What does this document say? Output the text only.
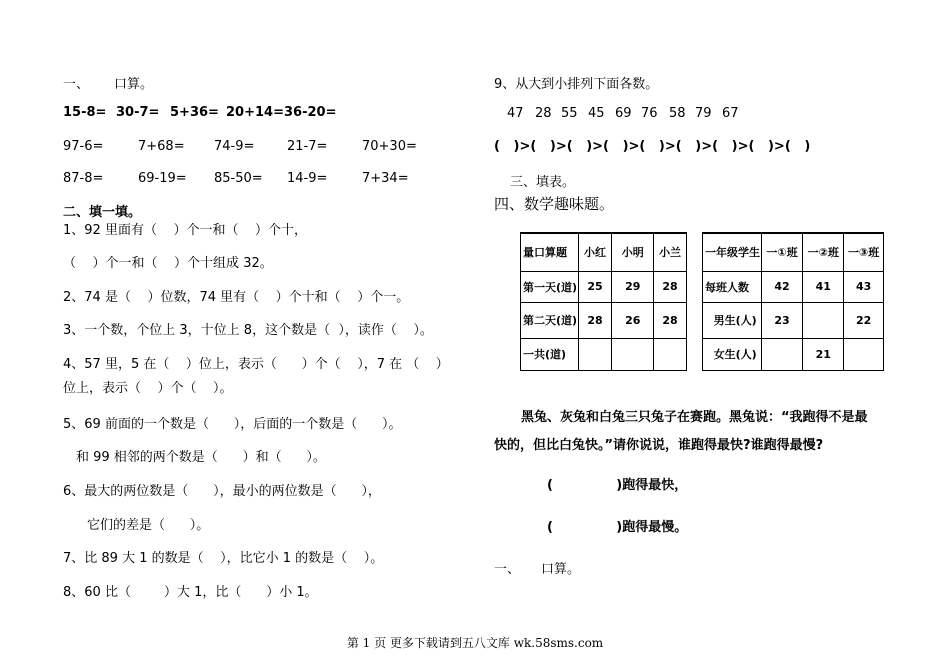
一、 口算。
15-8= 30-7= 5+36= 20+14= 36-20=
97-6=	7+68= 74-9=	21-7=	70+30=
87-8=	69-19= 85-50= 14-9=	7+34=
二、填一填。
1、92 里面有（    ）个一和（    ）个十，
（    ）个一和（    ）个十组成 32。
2、74 是（    ）位数，74 里有（    ）个十和（    ）个一。
3、一个数，个位上 3，十位上 8，这个数是（  ），读作（    ）。
4、57 里，5 在（    ）位上，表示（      ）个（    ），7 在 （    ）
位上，表示（    ）个（    ）。
5、69 前面的一个数是（      ），后面的一个数是（      ）。
和 99 相邻的两个数是（      ）和（      ）。
6、最大的两位数是（      ），最小的两位数是（      ），
它们的差是（      ）。
7、比 89 大 1 的数是（    ），比它小 1 的数是（    ）。
8、60 比（        ）大 1，比（      ）小 1。
9、从大到小排列下面各数。
47 28 55 45 69 76 58 79 67
(   )>(   )>(   )>(   )>(   )>(   )>(   )>(   )>(   )
三、填表。
四、数学趣味题。
量口算题	小红	小明	小兰
第一天(道)	25	29	28
第二天(道)	28	26	28
一共(道)			
一年级学生	一①班	一②班	一③班
每班人数	42	41	43
男生(人)	23		22
女生(人)		21	
黑兔、灰兔和白兔三只兔子在赛跑。黑兔说：“我跑得不是最
快的，但比白兔快。”请你说说，谁跑得最快?谁跑得最慢?
(              )跑得最快，
(              )跑得最慢。
一、 口算。
第 1 页 更多下载请到五八文库 wk.58sms.com
